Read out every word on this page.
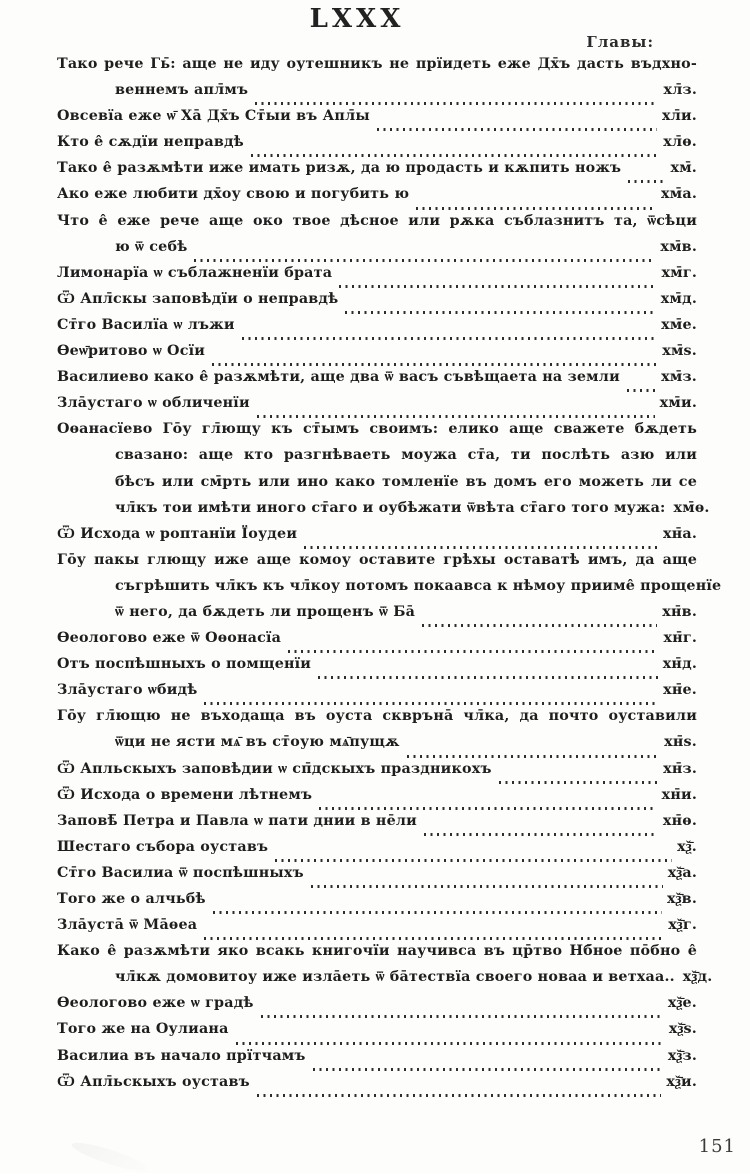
LXXX
Главы:
Тако рече Гь̄: аще не иду оутешникъ не прїидеть еже Дх̄ъ дасть въдхно-
веннемъ апл̄мъ	хл̄з.
Овсевїа еже ѡ̄ Ха̄ Дх̄ъ Ст̄ыи въ Апл̄ы	хл̄и.
Кто е̂ сѫдїи неправдѣ	хл̄ѳ.
Тако е̂ разѫмѣти иже имать ризѫ, да ю продасть и кѫпить ножъ	хм̄.
Ако еже любити дх̄оу свою и погубить ю	хм̄а.
Что е̂ еже рече аще око твое дѣсное или рѫка съблазнитъ та, ѿсѣци
ю ѿ себѣ	хм̄в.
Лимонарїа ѡ съблажненїи брата	хм̄г.
Ѿ Апл̄скы заповѣдїи о неправдѣ	хм̄д.
Ст̄го Василїа ѡ лъжи	хм̄е.
Ѳеѡ̄ритово ѡ Осїи	хм̄ѕ.
Василиево како е̂ разѫмѣти, аще два ѿ васъ съвѣщаета на земли	хм̄з.
Зла̄устаго ѡ обличенїи	хм̄и.
Оѳанасїево Го̄у гл̄ющу къ ст̄ымъ своимъ: елико аще сважете бѫдеть
свазано: аще кто разгнѣваеть моужа ст̄а, ти послѣть азю или
бѣсъ или см̄рть или ино како томленїе въ домъ его можеть ли се
чл̄къ тои имѣти иного ст̄аго и оубѣжати ѿвѣта ст̄аго того мужа: хм̄ѳ.
Ѿ Исхода ѡ роптанїи Їоудеи	хн̄а.
Го̄у пакы глющу иже аще комоу оставите грѣхы оставатѣ имъ, да аще
съгрѣшить чл̄къ къ чл̄коу потомъ покаавса к нѣмоу прииме̂ прощенїе
ѿ него, да бѫдеть ли прощенъ ѿ Ба̄	хн̄в.
Ѳеологово еже ѿ Оѳонасїа	хн̄г.
Отъ поспѣшныхъ о помщенїи	хн̄д.
Зла̄устаго ѡбидѣ	хн̄е.
Го̄у гл̄ющю не въходаща въ оуста сквръна̄ чл̄ка, да почто оуставили
ѿци не ясти мѧ̄ въ ст̄оую мѧ̄пущѫ	хн̄ѕ.
Ѿ Апльскыхъ заповѣдии ѡ сп̄дскыхъ праздникохъ	хн̄з.
Ѿ Исхода о времени лѣтнемъ	хн̄и.
Заповѣ̄ Петра и Павла ѡ пати днии в не̄ли	хн̄ѳ.
Шестаго събора оуставъ	хѯ̄.
Ст̄го Василиа ѿ поспѣшныхъ	хѯ̄а.
Того же о алчьбѣ	хѯ̄в.
Зла̄уста̄ ѿ Ма̄ѳеа	хѯ̄г.
Како е̂ разѫмѣти яко всакь книгочїи научивса въ цр̄тво Нб̄ное по̄бно е̂
чл̄кѫ домовитоу иже изла̄еть ѿ ба̄тествїа своего новаа и ветхаа.. хѯ̄д.
Ѳеологово еже ѡ градѣ	хѯ̄е.
Того же на Оулиана	хѯ̄ѕ.
Василиа въ начало прїтчамъ	хѯ̄з.
Ѿ Апл̄ьскыхъ оуставъ	хѯ̄и.
151
